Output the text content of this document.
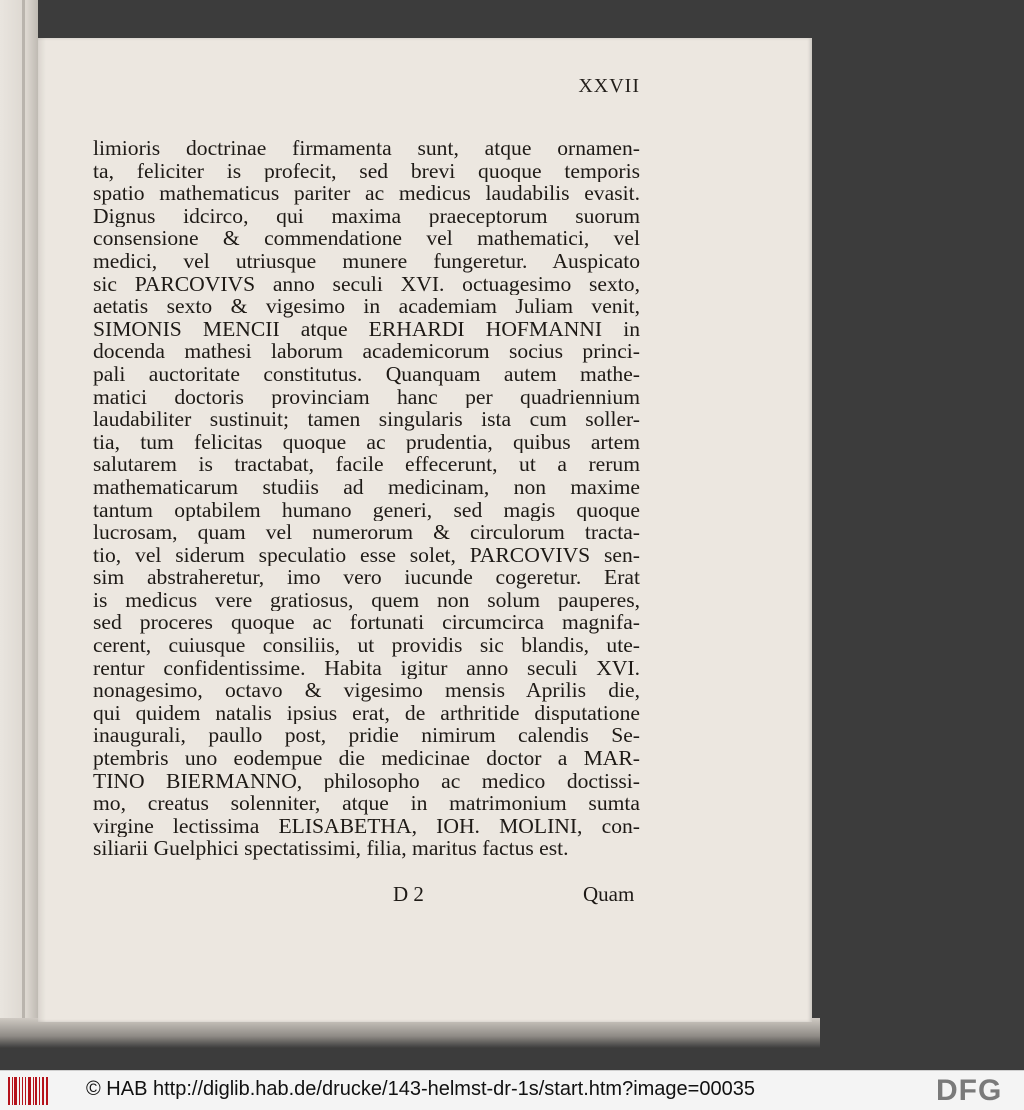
XXVII
limioris doctrinae firmamenta sunt, atque ornamen-
ta, feliciter is profecit, sed brevi quoque temporis
spatio mathematicus pariter ac medicus laudabilis evasit.
Dignus idcirco, qui maxima praeceptorum suorum
consensione & commendatione vel mathematici, vel
medici, vel utriusque munere fungeretur. Auspicato
sic PARCOVIVS anno seculi XVI. octuagesimo sexto,
aetatis sexto & vigesimo in academiam Juliam venit,
SIMONIS MENCII atque ERHARDI HOFMANNI in
docenda mathesi laborum academicorum socius princi-
pali auctoritate constitutus. Quanquam autem mathe-
matici doctoris provinciam hanc per quadriennium
laudabiliter sustinuit; tamen singularis ista cum soller-
tia, tum felicitas quoque ac prudentia, quibus artem
salutarem is tractabat, facile effecerunt, ut a rerum
mathematicarum studiis ad medicinam, non maxime
tantum optabilem humano generi, sed magis quoque
lucrosam, quam vel numerorum & circulorum tractа-
tio, vel siderum speculatio esse solet, PARCOVIVS sen-
sim abstraheretur, imo vero iucunde cogeretur. Erat
is medicus vere gratiosus, quem non solum pauperes,
sed proceres quoque ac fortunati circumcirca magnifa-
cerent, cuiusque consiliis, ut providis sic blandis, ute-
rentur confidentissime. Habita igitur anno seculi XVI.
nonagesimo, octavo & vigesimo mensis Aprilis die,
qui quidem natalis ipsius erat, de arthritide disputatione
inaugurali, paullo post, pridie nimirum calendis Se-
ptembris uno eodempue die medicinae doctor a MAR-
TINO BIERMANNO, philosopho ac medico doctissi-
mo, creatus solenniter, atque in matrimonium sumta
virgine lectissima ELISABETHA, IOH. MOLINI, con-
siliarii Guelphici spectatissimi, filia, maritus factus est.
D 2	Quam
© HAB http://diglib.hab.de/drucke/143-helmst-dr-1s/start.htm?image=00035	DFG
